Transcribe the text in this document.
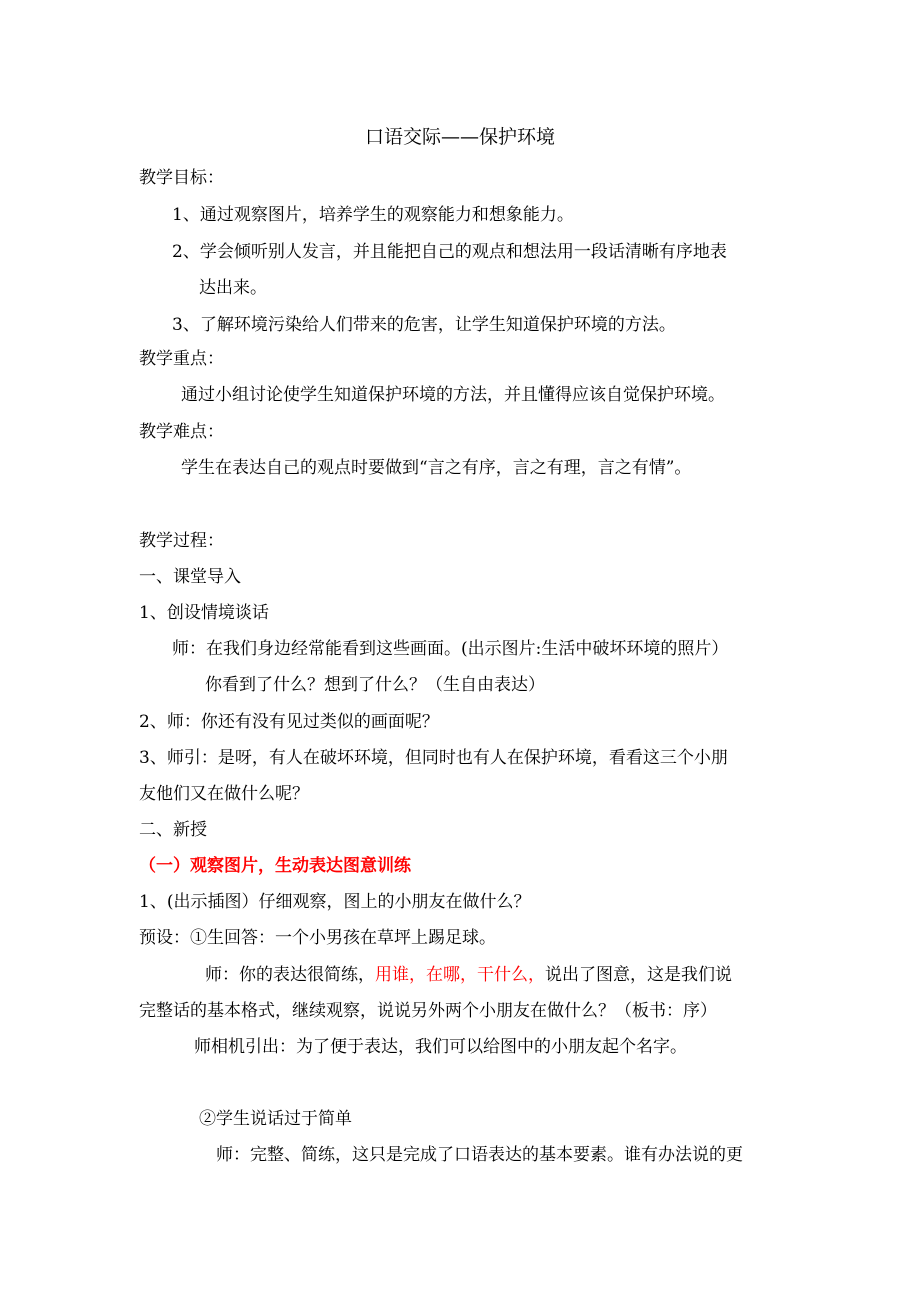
口语交际——保护环境
教学目标：
1、通过观察图片，培养学生的观察能力和想象能力。
2、学会倾听别人发言，并且能把自己的观点和想法用一段话清晰有序地表
达出来。
3、了解环境污染给人们带来的危害，让学生知道保护环境的方法。
教学重点：
通过小组讨论使学生知道保护环境的方法，并且懂得应该自觉保护环境。
教学难点：
学生在表达自己的观点时要做到“言之有序，言之有理，言之有情”。
教学过程：
一、课堂导入
1、创设情境谈话
师：在我们身边经常能看到这些画面。(出示图片:生活中破坏环境的照片）
你看到了什么？想到了什么？（生自由表达）
2、师：你还有没有见过类似的画面呢？
3、师引：是呀，有人在破坏环境，但同时也有人在保护环境，看看这三个小朋
友他们又在做什么呢？
二、新授
（一）观察图片，生动表达图意训练
1、(出示插图）仔细观察，图上的小朋友在做什么？
预设：①生回答：一个小男孩在草坪上踢足球。
师：你的表达很简练，用谁，在哪，干什么，说出了图意，这是我们说
完整话的基本格式，继续观察，说说另外两个小朋友在做什么？（板书：序）
师相机引出：为了便于表达，我们可以给图中的小朋友起个名字。
②学生说话过于简单
师：完整、简练，这只是完成了口语表达的基本要素。谁有办法说的更
